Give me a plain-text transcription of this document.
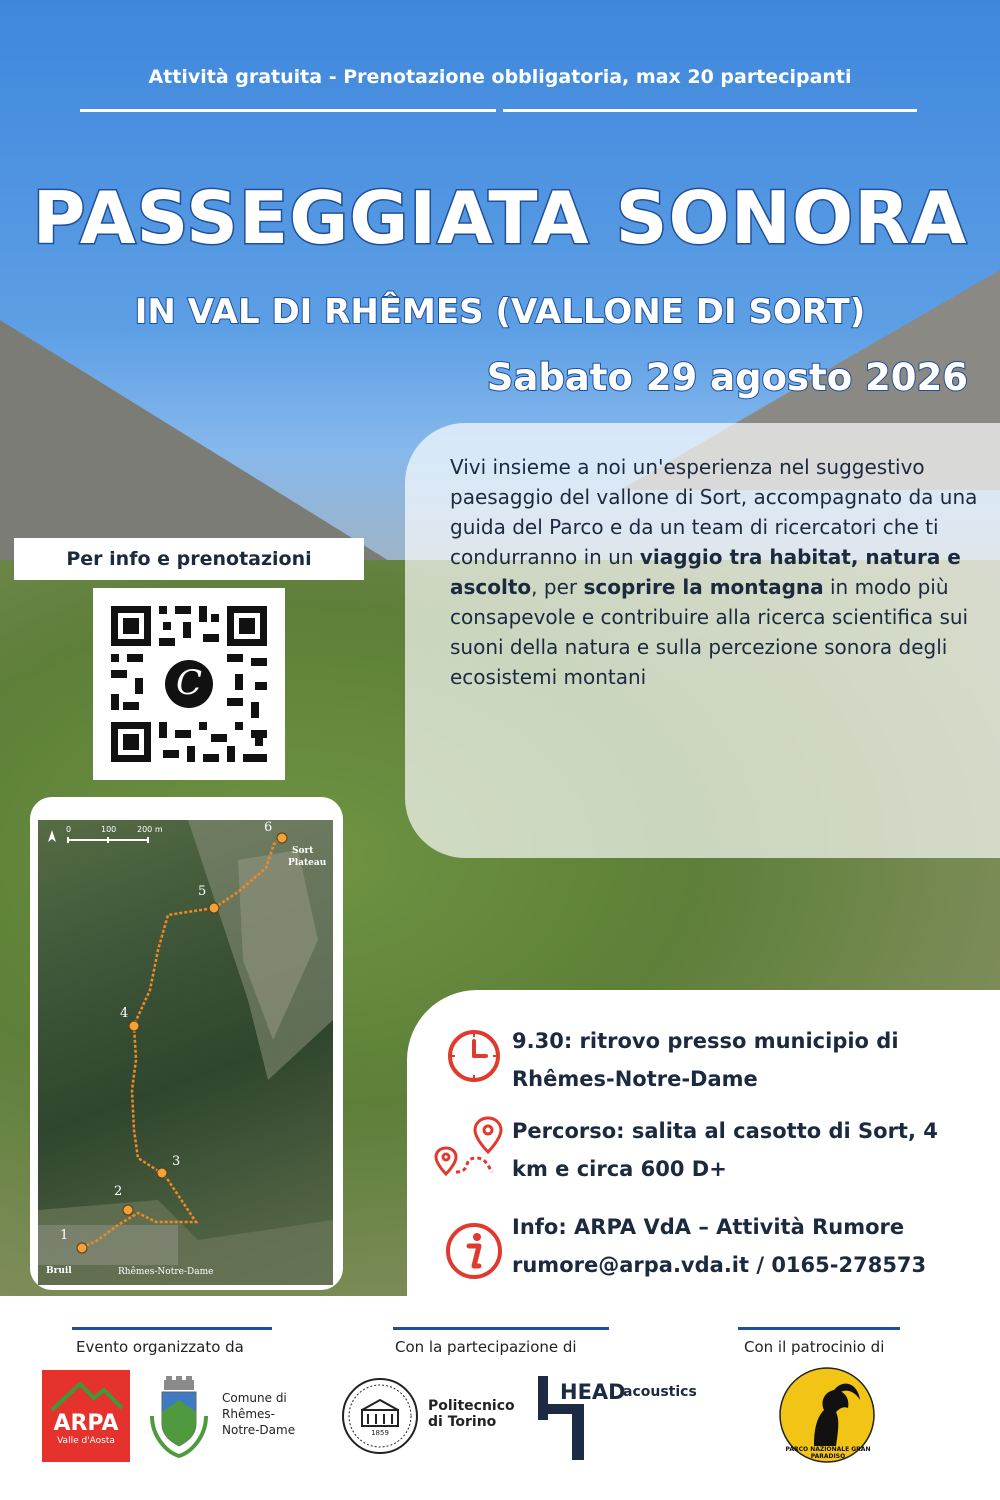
Attività gratuita - Prenotazione obbligatoria, max 20 partecipanti
PASSEGGIATA SONORA
IN VAL DI RHÊMES (VALLONE DI SORT)
Sabato 29 agosto 2026
Vivi insieme a noi un'esperienza nel suggestivo paesaggio del vallone di Sort, accompagnato da una guida del Parco e da un team di ricercatori che ti condurranno in un viaggio tra habitat, natura e ascolto, per scoprire la montagna in modo più consapevole e contribuire alla ricerca scientifica sui suoni della natura e sulla percezione sonora degli ecosistemi montani
Per info e prenotazioni
C
0	100	200 m
Sort
Plateau
Bruil	Rhêmes-Notre-Dame
1
2
3
4
5
6
9.30: ritrovo presso municipio di
Rhêmes-Notre-Dame
Percorso: salita al casotto di Sort, 4
km e circa 600 D+
Info: ARPA VdA – Attività Rumore
rumore@arpa.vda.it / 0165-278573
Evento organizzato da	Con la partecipazione di	Con il patrocinio di
ARPA
Valle d'Aosta
Comune di
Rhêmes-
Notre-Dame	1859
Politecnico
di Torino
HEAD
acoustics
PARCO NAZIONALE GRAN PARADISO
